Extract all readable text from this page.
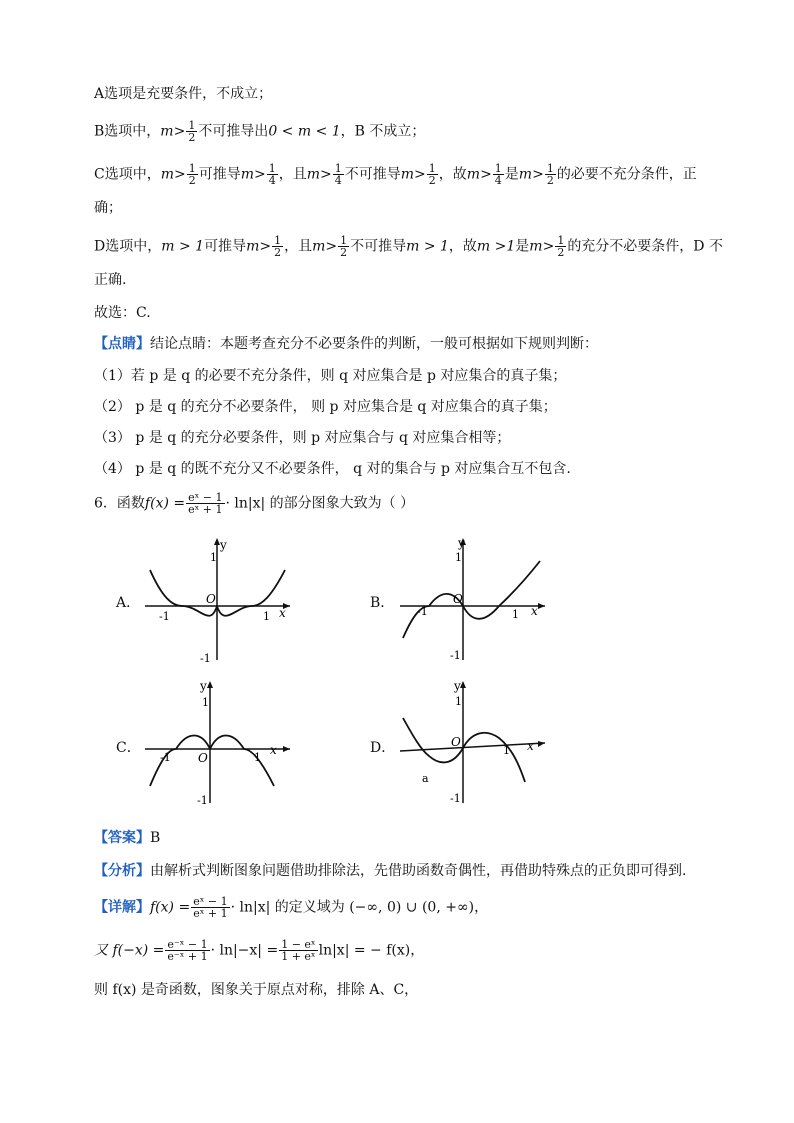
A选项是充要条件，不成立；
B选项中，$m> \frac{1}{2}$ 不可推导出0 < m < 1，B 不成立；
C选项中，$m> \frac{1}{2}$ 可推导$m> \frac{1}{4}$ ，且$m> \frac{1}{4}$ 不可推导$m> \frac{1}{2}$ ，故$m> \frac{1}{4}$ 是$m> \frac{1}{2}$ 的必要不充分条件，正
确；
D选项中，m > 1可推导$m> \frac{1}{2}$ ，且$m> \frac{1}{2}$ 不可推导m > 1，故m >1是$m> \frac{1}{2}$ 的充分不必要条件，D 不
正确.
故选：C.
【点睛】结论点睛：本题考查充分不必要条件的判断，一般可根据如下规则判断：
（1）若 p 是 q 的必要不充分条件，则 q 对应集合是 p 对应集合的真子集；
（2） p 是 q 的充分不必要条件， 则 p 对应集合是 q 对应集合的真子集；
（3） p 是 q 的充分必要条件，则 p 对应集合与 q 对应集合相等；
（4） p 是 q 的既不充分又不必要条件， q 对的集合与 p 对应集合互不包含.
6．函数$f(x) = \frac{\text{eˣ − 1}}{\text{eˣ + 1}} \cdot \ln|x|$ 的部分图象大致为（ ）
A．	B．
C．	D．
y
1
O
-1	1 x
-1
y
1
O
-1	1 x
-1
y
1
O
-1	1
x
-1
y
1
O
1 x
a
-1
【答案】B
【分析】由解析式判断图象问题借助排除法，先借助函数奇偶性，再借助特殊点的正负即可得到.
【详解】$f(x) = \frac{\text{eˣ − 1}}{\text{eˣ + 1}} \cdot \ln|x|$ 的定义域为 (−∞, 0) ∪ (0, +∞)，
又 $f(-x) = \frac{\text{e⁻ˣ − 1}}{\text{e⁻ˣ + 1}} \cdot \ln|-x| = \frac{\text{1 − eˣ}}{\text{1 + eˣ}} \ln|x|$ = − f(x)，
则 f(x) 是奇函数，图象关于原点对称，排除 A、C，
